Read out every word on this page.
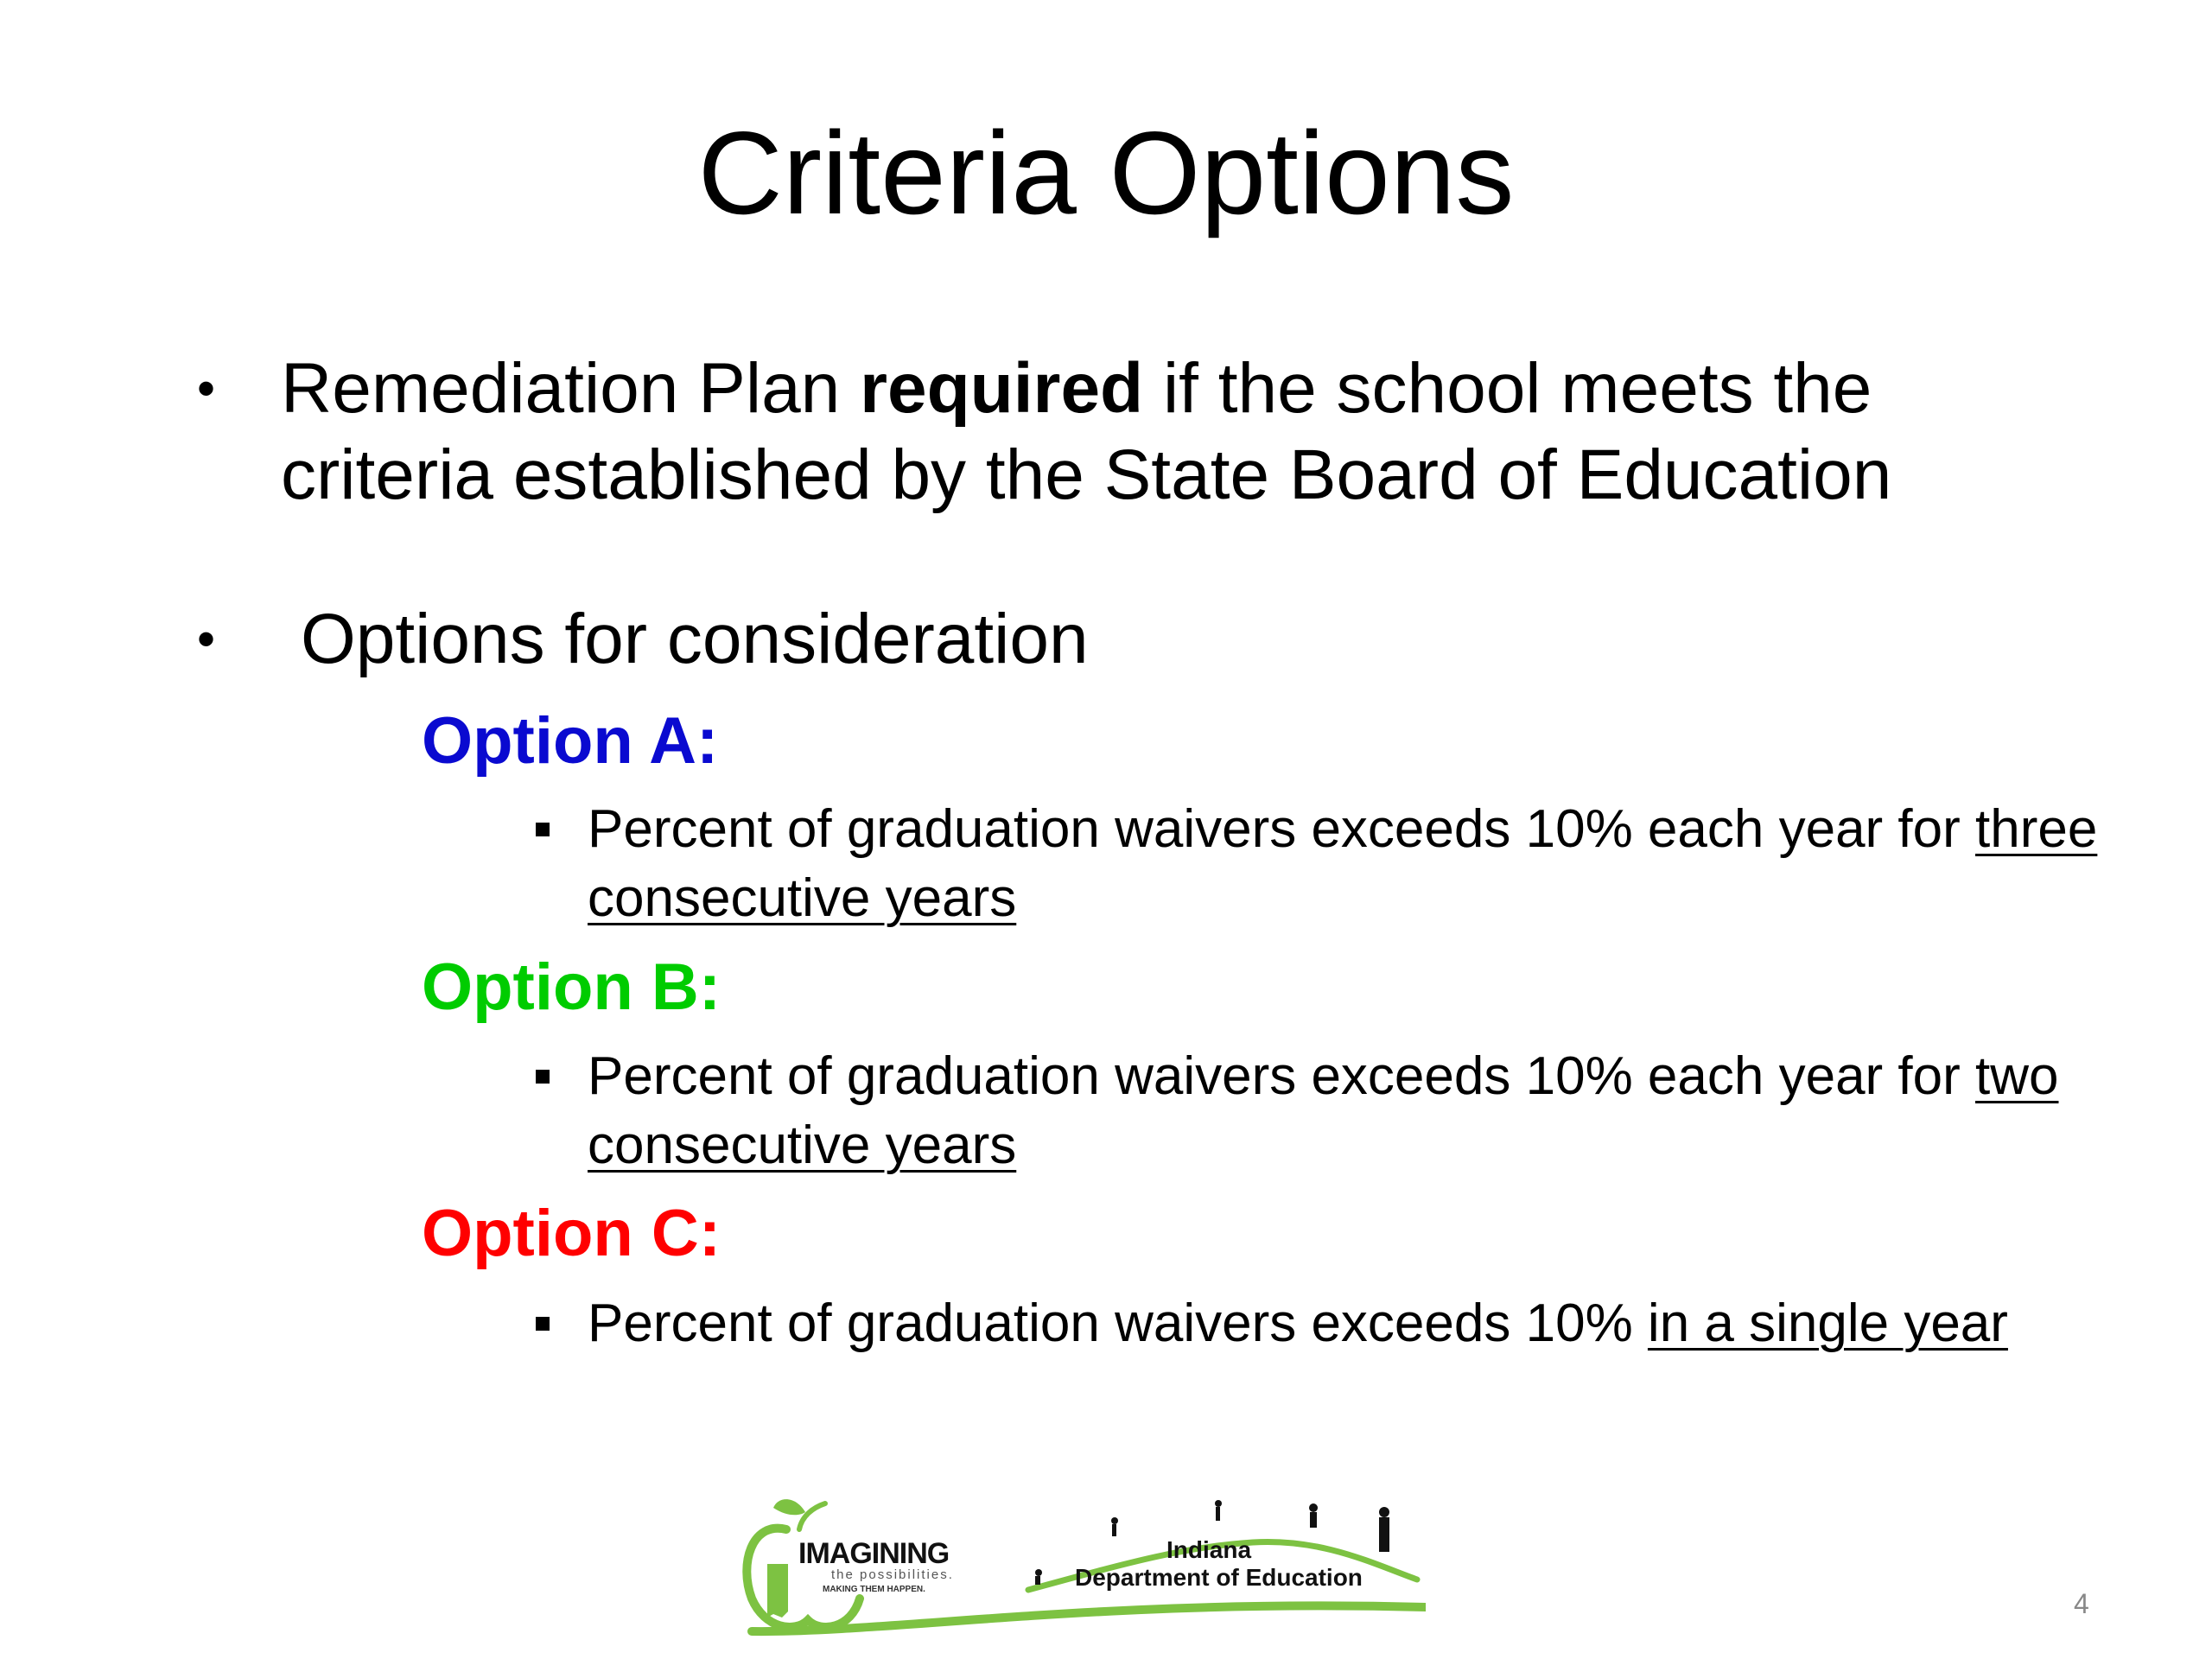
Criteria Options
• Remediation Plan required if the school meets the criteria established by the State Board of Education
• Options for consideration
Option A:
Percent of graduation waivers exceeds 10% each year for three consecutive years
Option B:
Percent of graduation waivers exceeds 10% each year for two consecutive years
Option C:
Percent of graduation waivers exceeds 10% in a single year
IMAGINING
the possibilities.
MAKING THEM HAPPEN.
Indiana
Department of Education
4
